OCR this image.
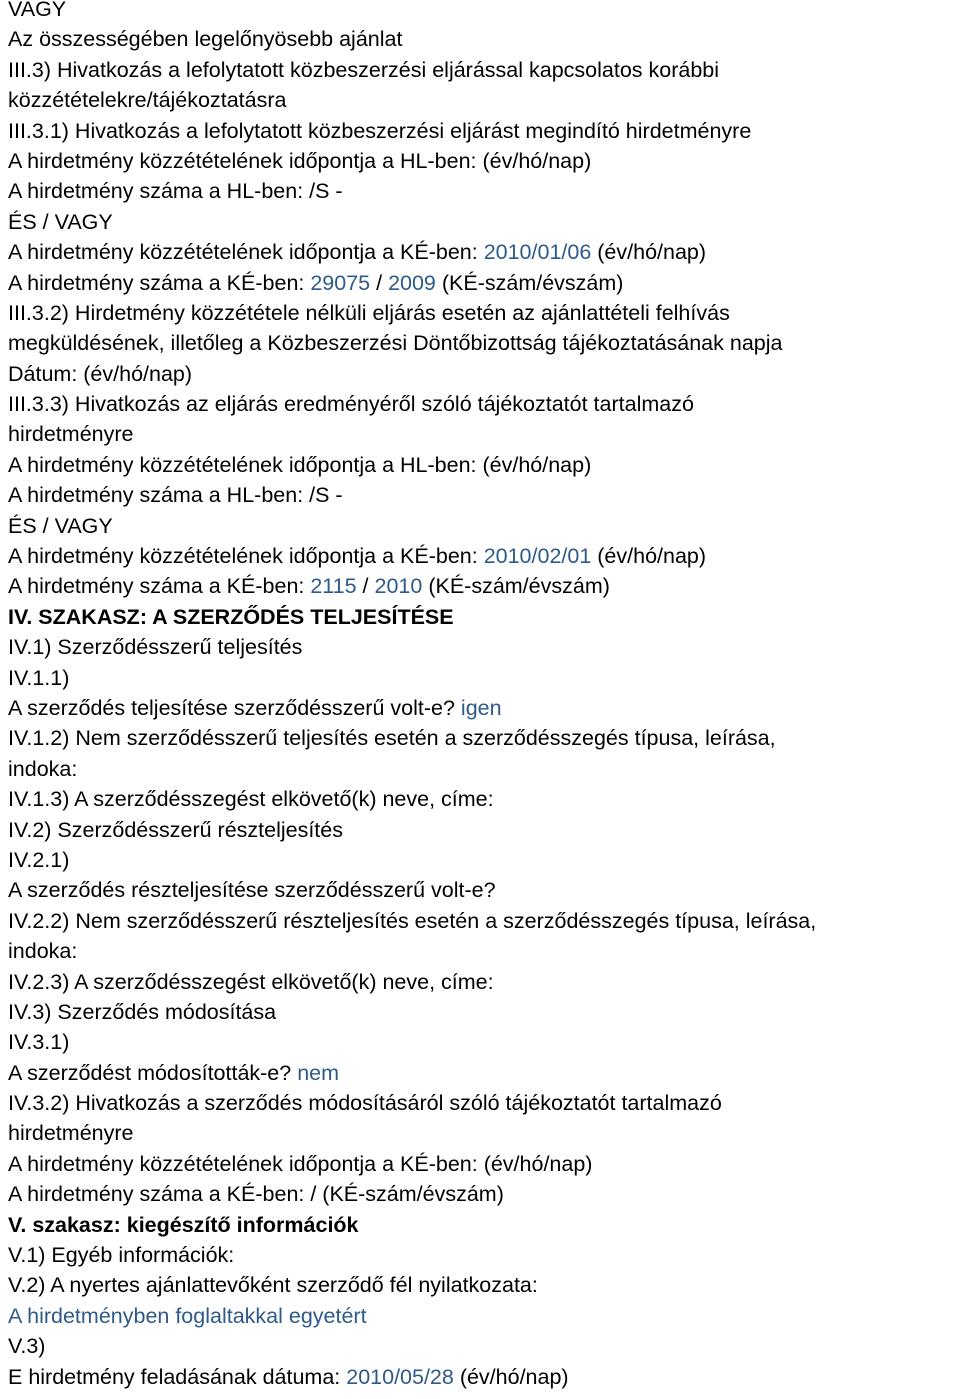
VAGY
Az összességében legelőnyösebb ajánlat
III.3) Hivatkozás a lefolytatott közbeszerzési eljárással kapcsolatos korábbi
közzétételekre/tájékoztatásra
III.3.1) Hivatkozás a lefolytatott közbeszerzési eljárást megindító hirdetményre
A hirdetmény közzétételének időpontja a HL-ben: (év/hó/nap)
A hirdetmény száma a HL-ben: /S -
ÉS / VAGY
A hirdetmény közzétételének időpontja a KÉ-ben: 2010/01/06 (év/hó/nap)
A hirdetmény száma a KÉ-ben: 29075 / 2009 (KÉ-szám/évszám)
III.3.2) Hirdetmény közzététele nélküli eljárás esetén az ajánlattételi felhívás
megküldésének, illetőleg a Közbeszerzési Döntőbizottság tájékoztatásának napja
Dátum: (év/hó/nap)
III.3.3) Hivatkozás az eljárás eredményéről szóló tájékoztatót tartalmazó
hirdetményre
A hirdetmény közzétételének időpontja a HL-ben: (év/hó/nap)
A hirdetmény száma a HL-ben: /S -
ÉS / VAGY
A hirdetmény közzétételének időpontja a KÉ-ben: 2010/02/01 (év/hó/nap)
A hirdetmény száma a KÉ-ben: 2115 / 2010 (KÉ-szám/évszám)
IV. SZAKASZ: A SZERZŐDÉS TELJESÍTÉSE
IV.1) Szerződésszerű teljesítés
IV.1.1)
A szerződés teljesítése szerződésszerű volt-e? igen
IV.1.2) Nem szerződésszerű teljesítés esetén a szerződésszegés típusa, leírása,
indoka:
IV.1.3) A szerződésszegést elkövető(k) neve, címe:
IV.2) Szerződésszerű részteljesítés
IV.2.1)
A szerződés részteljesítése szerződésszerű volt-e?
IV.2.2) Nem szerződésszerű részteljesítés esetén a szerződésszegés típusa, leírása,
indoka:
IV.2.3) A szerződésszegést elkövető(k) neve, címe:
IV.3) Szerződés módosítása
IV.3.1)
A szerződést módosították-e? nem
IV.3.2) Hivatkozás a szerződés módosításáról szóló tájékoztatót tartalmazó
hirdetményre
A hirdetmény közzétételének időpontja a KÉ-ben: (év/hó/nap)
A hirdetmény száma a KÉ-ben: / (KÉ-szám/évszám)
V. szakasz: kiegészítő információk
V.1) Egyéb információk:
V.2) A nyertes ajánlattevőként szerződő fél nyilatkozata:
A hirdetményben foglaltakkal egyetért
V.3)
E hirdetmény feladásának dátuma: 2010/05/28 (év/hó/nap)
